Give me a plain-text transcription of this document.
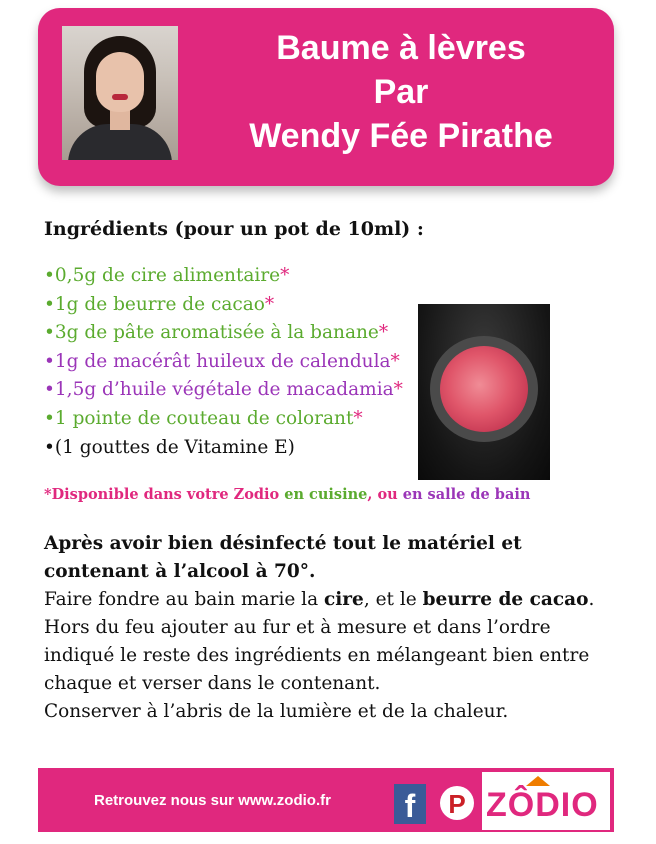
Baume à lèvres
Par
Wendy Fée Pirathe
Ingrédients (pour un pot de 10ml) :
•0,5g de cire alimentaire*
•1g de beurre de cacao*
•3g de pâte aromatisée à la banane*
•1g de macérât huileux de calendula*
•1,5g d’huile végétale de macadamia*
•1 pointe de couteau de colorant*
•(1 gouttes de Vitamine E)
*Disponible dans votre Zodio en cuisine, ou en salle de bain
Après avoir bien désinfecté tout le matériel et contenant à l’alcool à 70°.
Faire fondre au bain marie la cire, et le beurre de cacao.
Hors du feu ajouter au fur et à mesure et dans l’ordre indiqué le reste des ingrédients en mélangeant bien entre chaque et verser dans le contenant.
Conserver à l’abris de la lumière et de la chaleur.
Retrouvez nous sur www.zodio.fr	f	P ZÔDIO
